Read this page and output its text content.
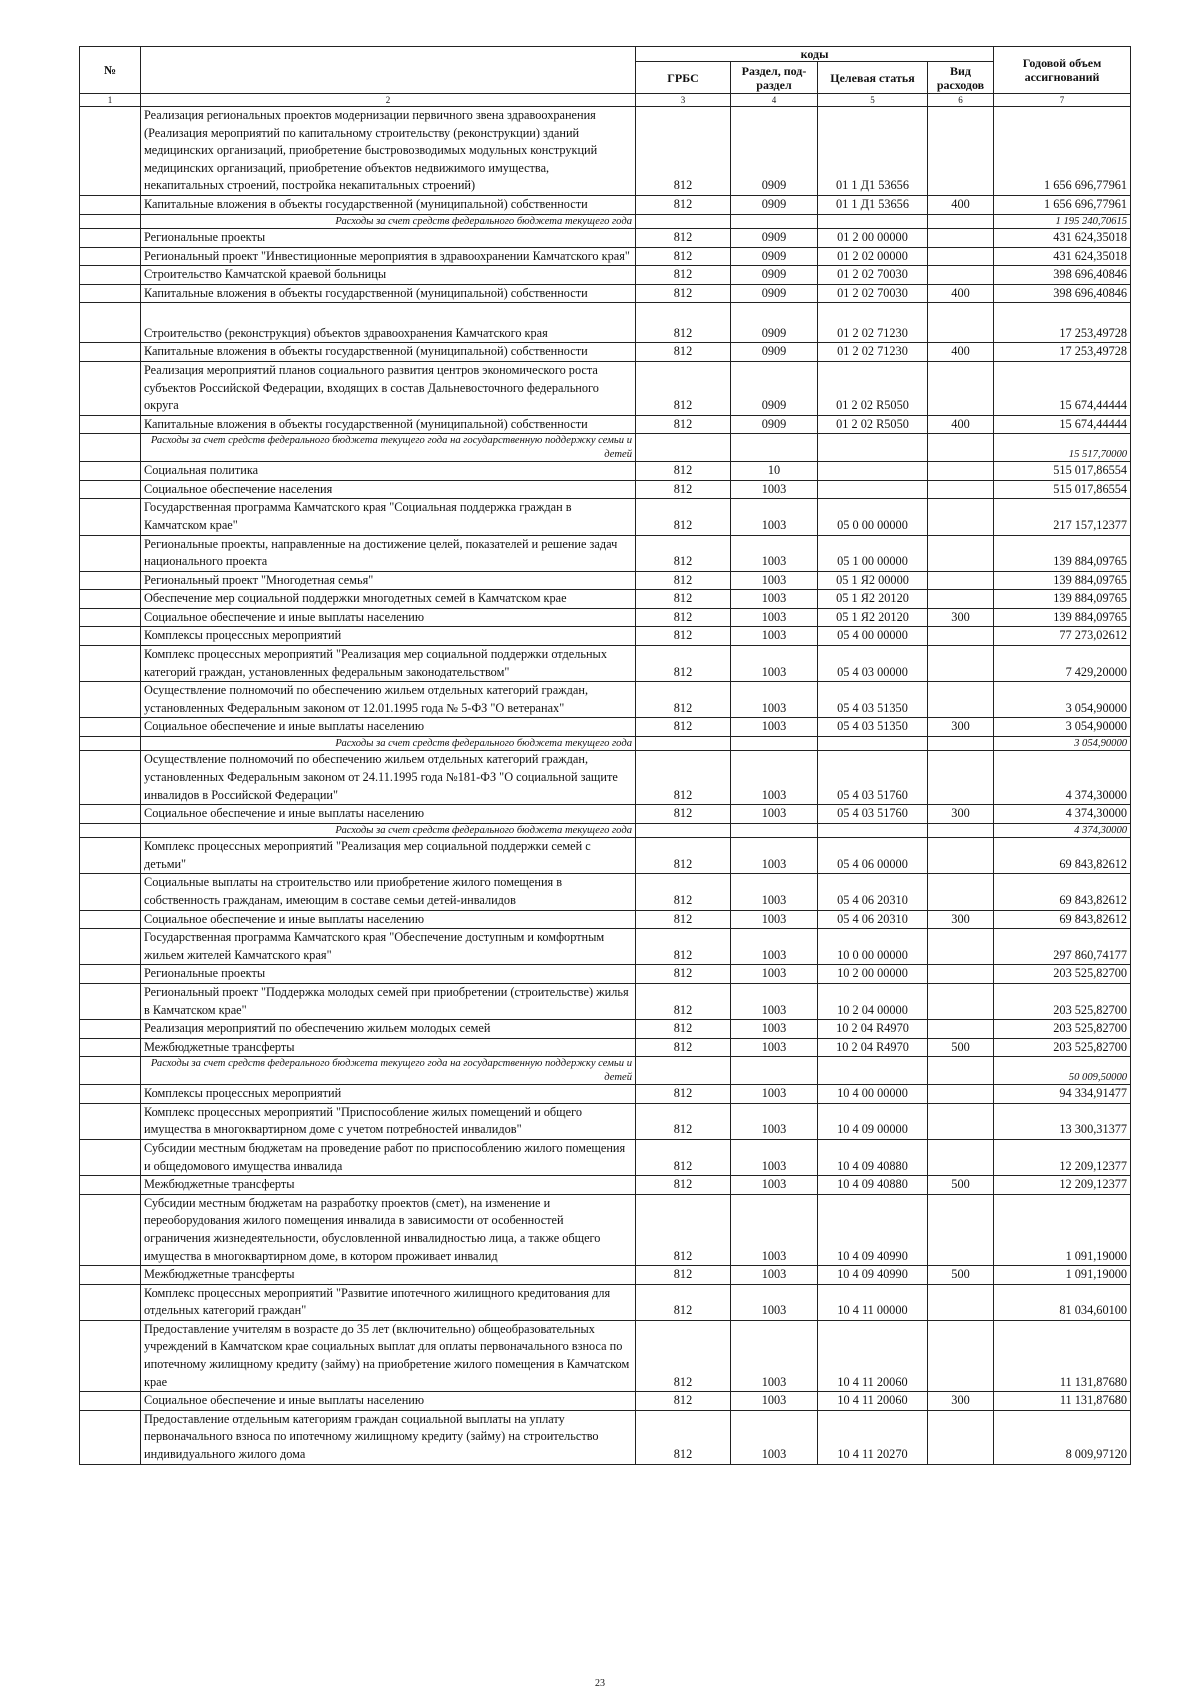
№		коды				Годовой объем ассигнований
		ГРБС	Раздел, под-раздел	Целевая статья	Вид расходов	
1	2	3	4	5	6	7
	Реализация региональных проектов модернизации первичного звена здравоохранения (Реализация мероприятий по капитальному строительству (реконструкции) зданий медицинских организаций, приобретение быстровозводимых модульных конструкций медицинских организаций, приобретение объектов недвижимого имущества, некапитальных строений, постройка некапитальных строений)	812	0909	01 1 Д1 53656		1 656 696,77961
	Капитальные вложения в объекты государственной (муниципальной) собственности	812	0909	01 1 Д1 53656	400	1 656 696,77961
	Расходы за счет средств федерального бюджета текущего года					1 195 240,70615
	Региональные проекты	812	0909	01 2 00 00000		431 624,35018
	Региональный проект "Инвестиционные мероприятия в здравоохранении Камчатского края"	812	0909	01 2 02 00000		431 624,35018
	Строительство Камчатской краевой больницы	812	0909	01 2 02 70030		398 696,40846
	Капитальные вложения в объекты государственной (муниципальной) собственности	812	0909	01 2 02 70030	400	398 696,40846
	Строительство (реконструкция) объектов здравоохранения Камчатского края	812	0909	01 2 02 71230		17 253,49728
	Капитальные вложения в объекты государственной (муниципальной) собственности	812	0909	01 2 02 71230	400	17 253,49728
	Реализация мероприятий планов социального развития центров экономического роста субъектов Российской Федерации, входящих в состав Дальневосточного федерального округа	812	0909	01 2 02 R5050		15 674,44444
	Капитальные вложения в объекты государственной (муниципальной) собственности	812	0909	01 2 02 R5050	400	15 674,44444
	Расходы за счет средств федерального бюджета текущего года на государственную поддержку семьи и детей					15 517,70000
	Социальная политика	812	10			515 017,86554
	Социальное обеспечение населения	812	1003			515 017,86554
	Государственная программа Камчатского края "Социальная поддержка граждан в Камчатском крае"	812	1003	05 0 00 00000		217 157,12377
	Региональные проекты, направленные на достижение целей, показателей и решение задач национального проекта	812	1003	05 1 00 00000		139 884,09765
	Региональный проект "Многодетная семья"	812	1003	05 1 Я2 00000		139 884,09765
	Обеспечение мер социальной поддержки многодетных семей в Камчатском крае	812	1003	05 1 Я2 20120		139 884,09765
	Социальное обеспечение и иные выплаты населению	812	1003	05 1 Я2 20120	300	139 884,09765
	Комплексы процессных мероприятий	812	1003	05 4 00 00000		77 273,02612
	Комплекс процессных мероприятий "Реализация мер социальной поддержки отдельных категорий граждан, установленных федеральным законодательством"	812	1003	05 4 03 00000		7 429,20000
	Осуществление полномочий по обеспечению жильем отдельных категорий граждан, установленных Федеральным законом от 12.01.1995 года № 5-ФЗ "О ветеранах"	812	1003	05 4 03 51350		3 054,90000
	Социальное обеспечение и иные выплаты населению	812	1003	05 4 03 51350	300	3 054,90000
	Расходы за счет средств федерального бюджета текущего года					3 054,90000
	Осуществление полномочий по обеспечению жильем отдельных категорий граждан, установленных Федеральным законом от 24.11.1995 года №181-ФЗ "О социальной защите инвалидов в Российской Федерации"	812	1003	05 4 03 51760		4 374,30000
	Социальное обеспечение и иные выплаты населению	812	1003	05 4 03 51760	300	4 374,30000
	Расходы за счет средств федерального бюджета текущего года					4 374,30000
	Комплекс процессных мероприятий "Реализация мер социальной поддержки семей с детьми"	812	1003	05 4 06 00000		69 843,82612
	Социальные выплаты на строительство или приобретение жилого помещения в собственность гражданам, имеющим в составе семьи детей-инвалидов	812	1003	05 4 06 20310		69 843,82612
	Социальное обеспечение и иные выплаты населению	812	1003	05 4 06 20310	300	69 843,82612
	Государственная программа Камчатского края "Обеспечение доступным и комфортным жильем жителей Камчатского края"	812	1003	10 0 00 00000		297 860,74177
	Региональные проекты	812	1003	10 2 00 00000		203 525,82700
	Региональный проект "Поддержка молодых семей при приобретении (строительстве) жилья в Камчатском крае"	812	1003	10 2 04 00000		203 525,82700
	Реализация мероприятий по обеспечению жильем молодых семей	812	1003	10 2 04 R4970		203 525,82700
	Межбюджетные трансферты	812	1003	10 2 04 R4970	500	203 525,82700
	Расходы за счет средств федерального бюджета текущего года на государственную поддержку семьи и детей					50 009,50000
	Комплексы процессных мероприятий	812	1003	10 4 00 00000		94 334,91477
	Комплекс процессных мероприятий "Приспособление жилых помещений и общего имущества в многоквартирном доме с учетом потребностей инвалидов"	812	1003	10 4 09 00000		13 300,31377
	Субсидии местным бюджетам на проведение работ по приспособлению жилого помещения и общедомового имущества инвалида	812	1003	10 4 09 40880		12 209,12377
	Межбюджетные трансферты	812	1003	10 4 09 40880	500	12 209,12377
	Субсидии местным бюджетам на разработку проектов (смет), на изменение и переоборудования жилого помещения инвалида в зависимости от особенностей ограничения жизнедеятельности, обусловленной инвалидностью лица, а также общего имущества в многоквартирном доме, в котором проживает инвалид	812	1003	10 4 09 40990		1 091,19000
	Межбюджетные трансферты	812	1003	10 4 09 40990	500	1 091,19000
	Комплекс процессных мероприятий "Развитие ипотечного жилищного кредитования для отдельных категорий граждан"	812	1003	10 4 11 00000		81 034,60100
	Предоставление учителям в возрасте до 35 лет (включительно) общеобразовательных учреждений в Камчатском крае социальных выплат для оплаты первоначального взноса по ипотечному жилищному кредиту (займу) на приобретение жилого помещения в Камчатском крае	812	1003	10 4 11 20060		11 131,87680
	Социальное обеспечение и иные выплаты населению	812	1003	10 4 11 20060	300	11 131,87680
	Предоставление отдельным категориям граждан социальной выплаты на уплату первоначального взноса по ипотечному жилищному кредиту (займу) на строительство индивидуального жилого дома	812	1003	10 4 11 20270		8 009,97120
23
